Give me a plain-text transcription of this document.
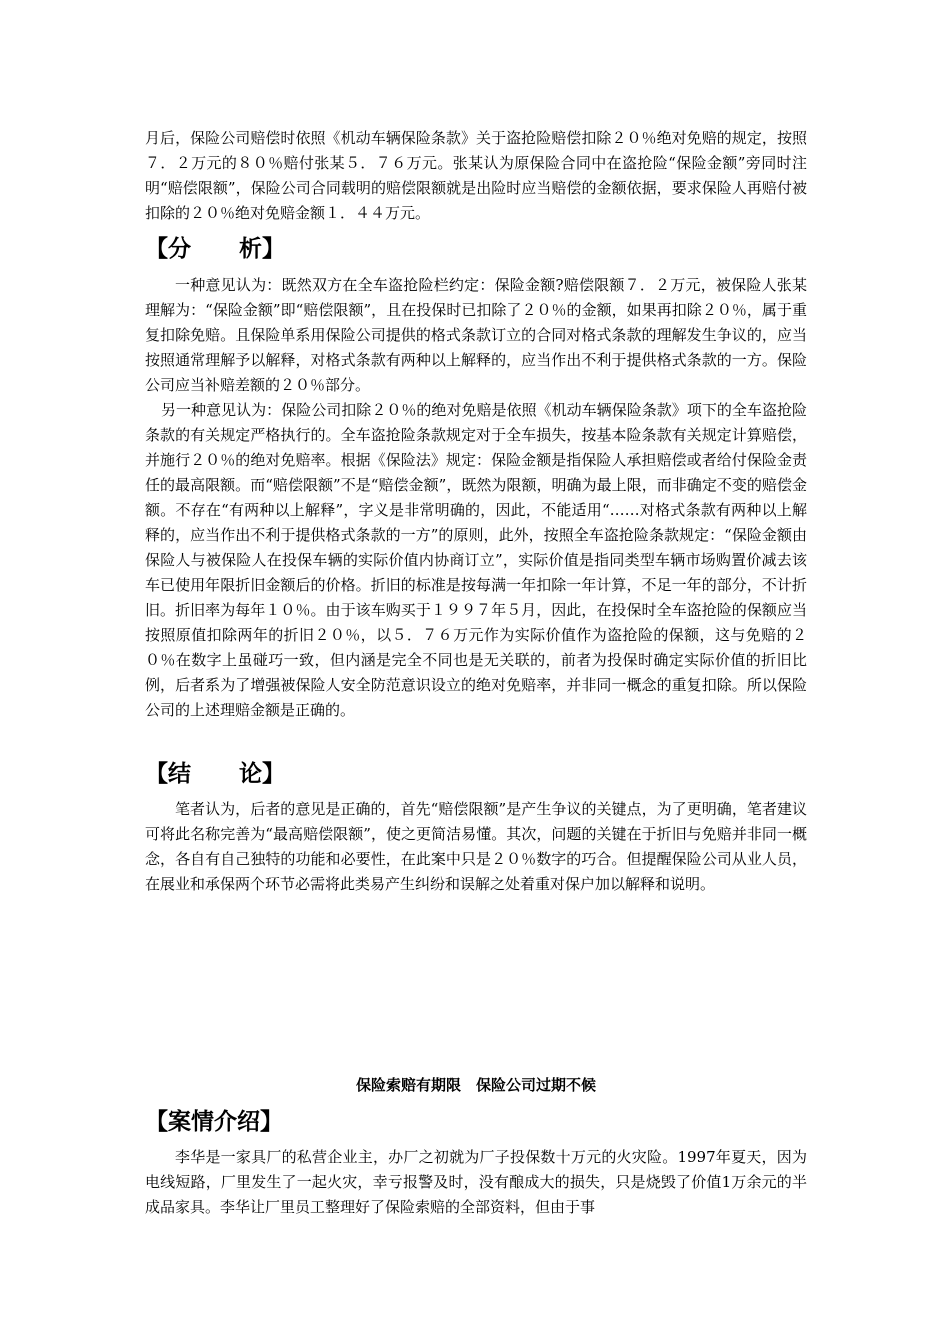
月后，保险公司赔偿时依照《机动车辆保险条款》关于盗抢险赔偿扣除２０％绝对免赔的规定，按照７．２万元的８０％赔付张某５．７６万元。张某认为原保险合同中在盗抢险“保险金额”旁同时注明“赔偿限额”，保险公司合同载明的赔偿限额就是出险时应当赔偿的金额依据，要求保险人再赔付被扣除的２０％绝对免赔金额１．４４万元。

【分 析】

一种意见认为：既然双方在全车盗抢险栏约定：保险金额?赔偿限额７．２万元，被保险人张某理解为：“保险金额”即“赔偿限额”，且在投保时已扣除了２０％的金额，如果再扣除２０％，属于重复扣除免赔。且保险单系用保险公司提供的格式条款订立的合同对格式条款的理解发生争议的，应当按照通常理解予以解释，对格式条款有两种以上解释的，应当作出不利于提供格式条款的一方。保险公司应当补赔差额的２０％部分。

另一种意见认为：保险公司扣除２０％的绝对免赔是依照《机动车辆保险条款》项下的全车盗抢险条款的有关规定严格执行的。全车盗抢险条款规定对于全车损失，按基本险条款有关规定计算赔偿，并施行２０％的绝对免赔率。根据《保险法》规定：保险金额是指保险人承担赔偿或者给付保险金责任的最高限额。而“赔偿限额”不是“赔偿金额”，既然为限额，明确为最上限，而非确定不变的赔偿金额。不存在“有两种以上解释”，字义是非常明确的，因此，不能适用“……对格式条款有两种以上解释的，应当作出不利于提供格式条款的一方”的原则，此外，按照全车盗抢险条款规定：“保险金额由保险人与被保险人在投保车辆的实际价值内协商订立”，实际价值是指同类型车辆市场购置价减去该车已使用年限折旧金额后的价格。折旧的标准是按每满一年扣除一年计算，不足一年的部分，不计折旧。折旧率为每年１０％。由于该车购买于１９９７年５月，因此，在投保时全车盗抢险的保额应当按照原值扣除两年的折旧２０％，以５．７６万元作为实际价值作为盗抢险的保额，这与免赔的２０％在数字上虽碰巧一致，但内涵是完全不同也是无关联的，前者为投保时确定实际价值的折旧比例，后者系为了增强被保险人安全防范意识设立的绝对免赔率，并非同一概念的重复扣除。所以保险公司的上述理赔金额是正确的。

【结 论】

笔者认为，后者的意见是正确的，首先“赔偿限额”是产生争议的关键点，为了更明确，笔者建议可将此名称完善为“最高赔偿限额”，使之更简洁易懂。其次，问题的关键在于折旧与免赔并非同一概念，各自有自己独特的功能和必要性，在此案中只是２０％数字的巧合。但提醒保险公司从业人员，在展业和承保两个环节必需将此类易产生纠纷和误解之处着重对保户加以解释和说明。

保险索赔有期限　保险公司过期不候

【案情介绍】

李华是一家具厂的私营企业主，办厂之初就为厂子投保数十万元的火灾险。1997年夏天，因为电线短路，厂里发生了一起火灾，幸亏报警及时，没有酿成大的损失，只是烧毁了价值1万余元的半成品家具。李华让厂里员工整理好了保险索赔的全部资料，但由于事
